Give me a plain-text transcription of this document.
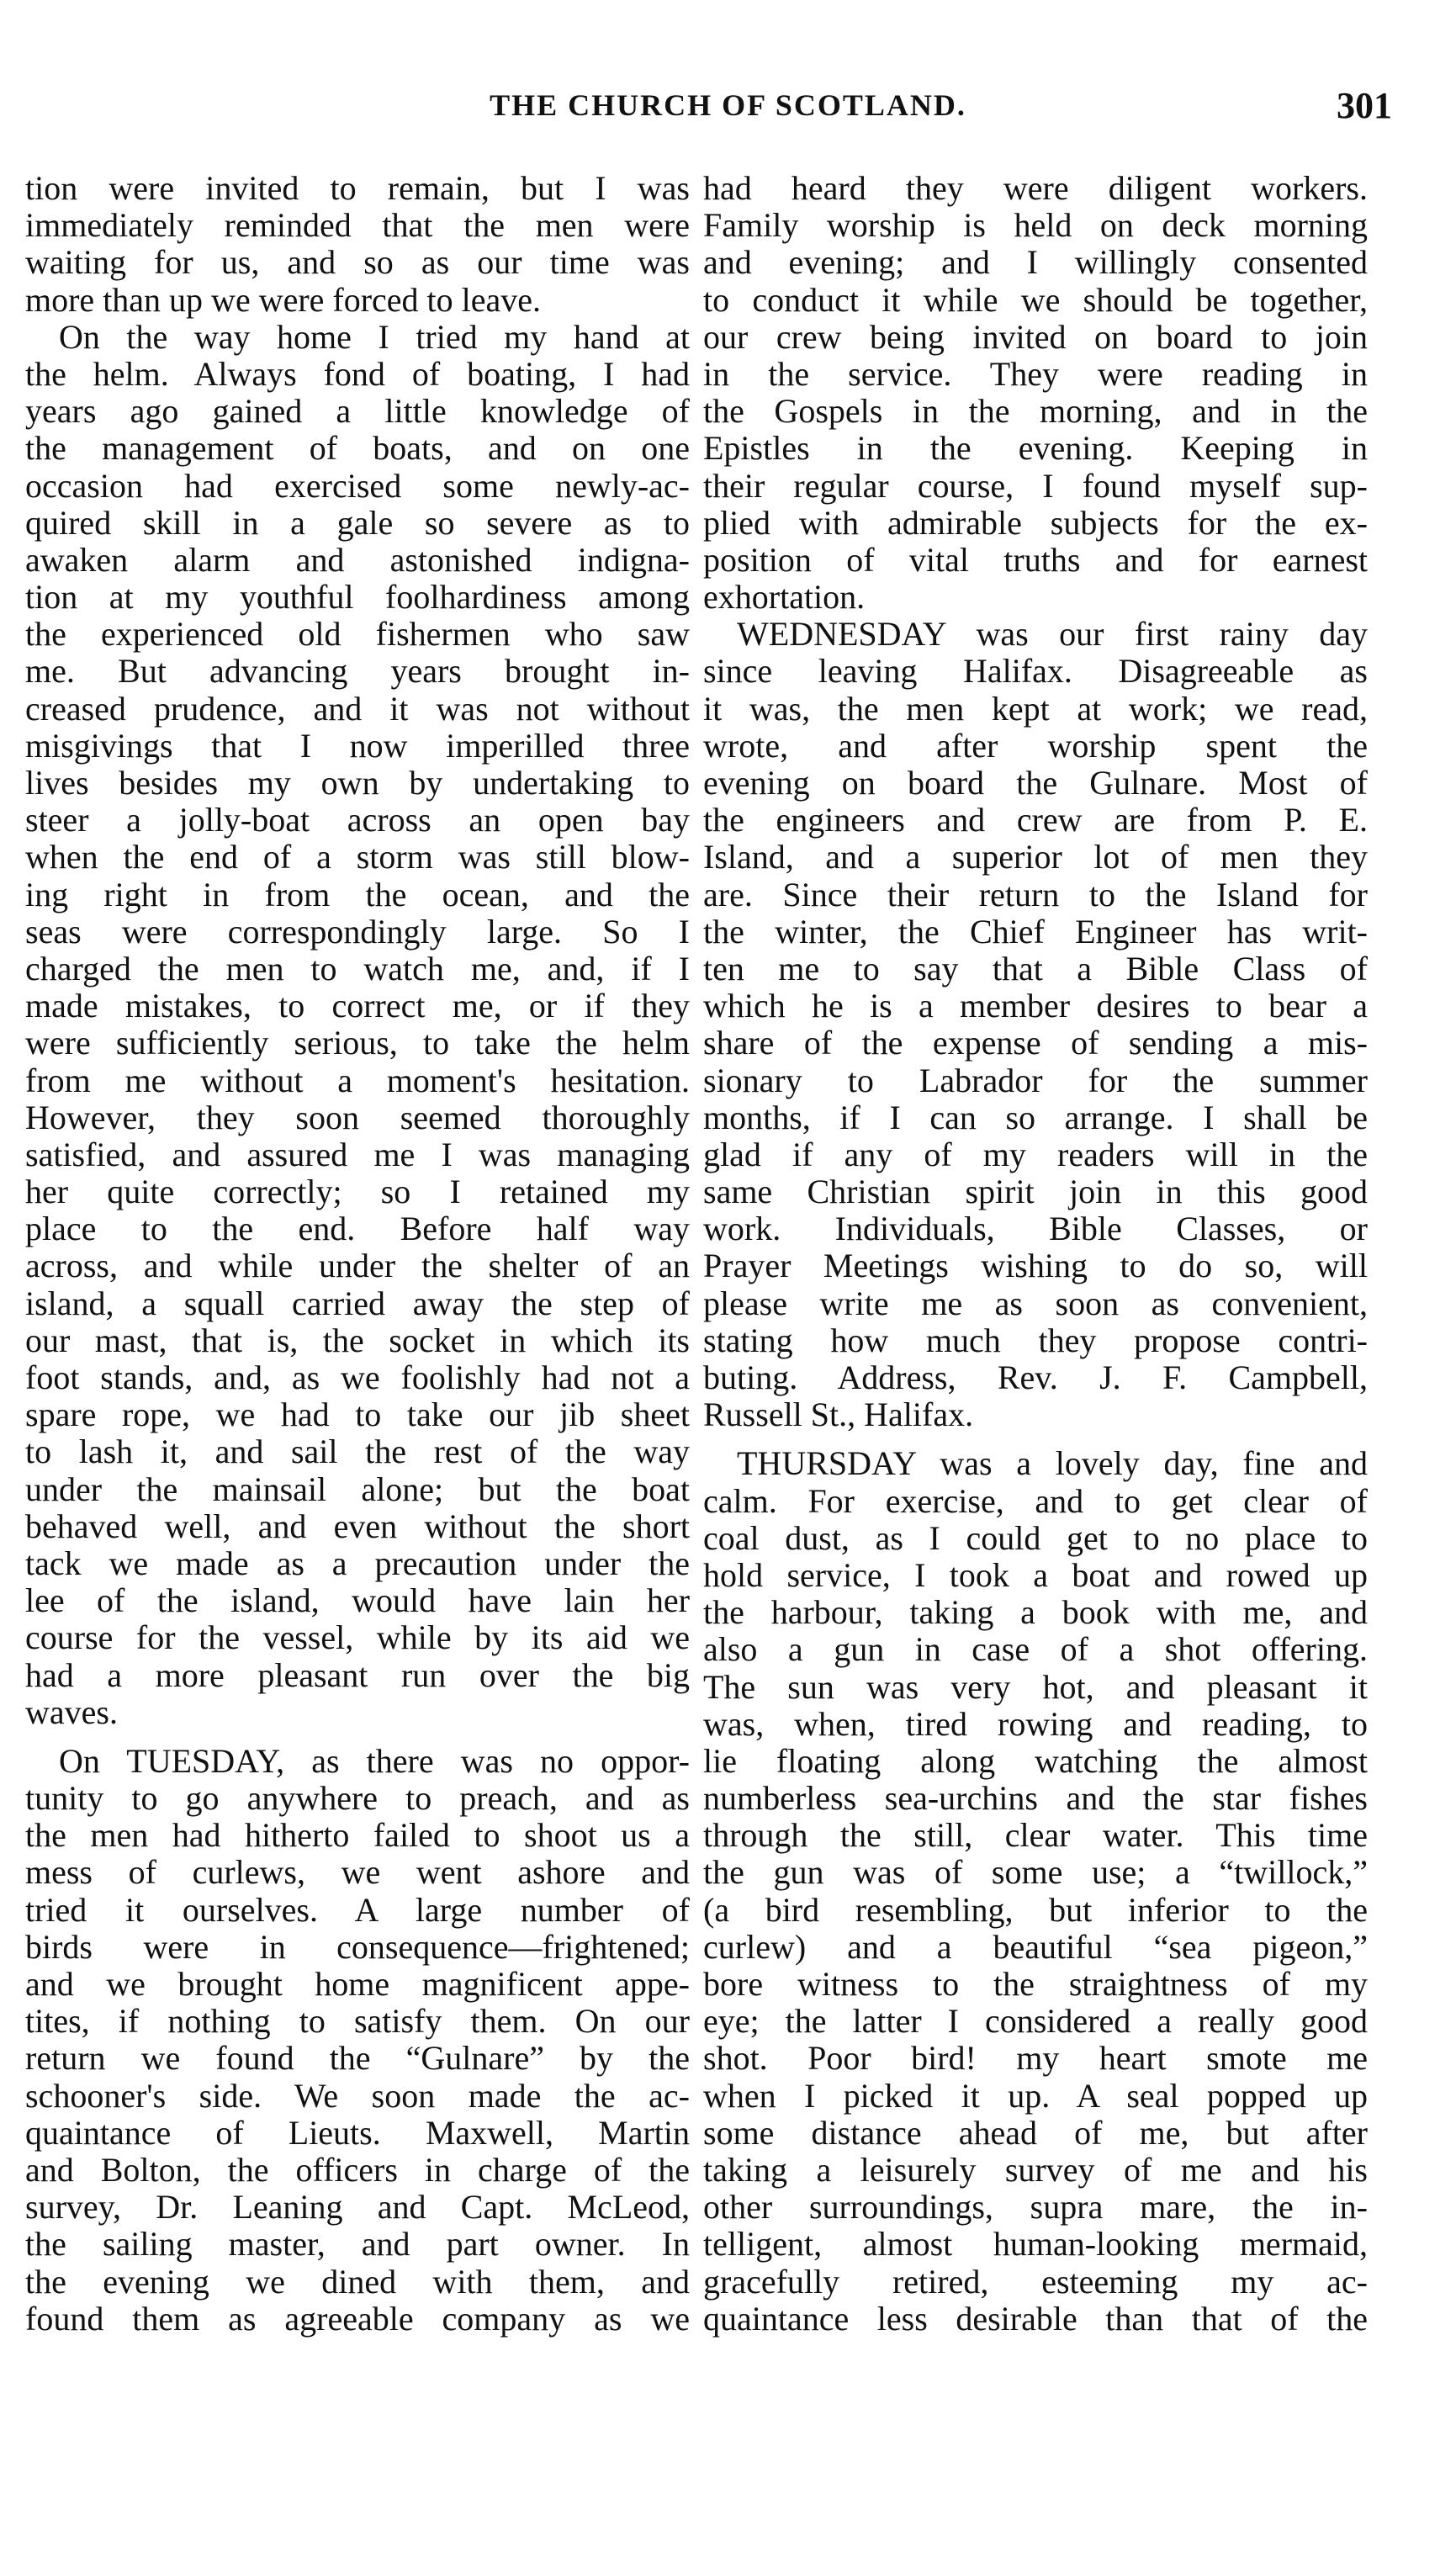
THE CHURCH OF SCOTLAND.	301
tion were invited to remain, but I was
immediately reminded that the men were
waiting for us, and so as our time was
more than up we were forced to leave.
On the way home I tried my hand at
the helm. Always fond of boating, I had
years ago gained a little knowledge of
the management of boats, and on one
occasion had exercised some newly-ac-
quired skill in a gale so severe as to
awaken alarm and astonished indigna-
tion at my youthful foolhardiness among
the experienced old fishermen who saw
me. But advancing years brought in-
creased prudence, and it was not without
misgivings that I now imperilled three
lives besides my own by undertaking to
steer a jolly-boat across an open bay
when the end of a storm was still blow-
ing right in from the ocean, and the
seas were correspondingly large. So I
charged the men to watch me, and, if I
made mistakes, to correct me, or if they
were sufficiently serious, to take the helm
from me without a moment's hesitation.
However, they soon seemed thoroughly
satisfied, and assured me I was managing
her quite correctly; so I retained my
place to the end. Before half way
across, and while under the shelter of an
island, a squall carried away the step of
our mast, that is, the socket in which its
foot stands, and, as we foolishly had not a
spare rope, we had to take our jib sheet
to lash it, and sail the rest of the way
under the mainsail alone; but the boat
behaved well, and even without the short
tack we made as a precaution under the
lee of the island, would have lain her
course for the vessel, while by its aid we
had a more pleasant run over the big
waves.
On TUESDAY, as there was no oppor-
tunity to go anywhere to preach, and as
the men had hitherto failed to shoot us a
mess of curlews, we went ashore and
tried it ourselves. A large number of
birds were in consequence—frightened;
and we brought home magnificent appe-
tites, if nothing to satisfy them. On our
return we found the “Gulnare” by the
schooner's side. We soon made the ac-
quaintance of Lieuts. Maxwell, Martin
and Bolton, the officers in charge of the
survey, Dr. Leaning and Capt. McLeod,
the sailing master, and part owner. In
the evening we dined with them, and
found them as agreeable company as we
had heard they were diligent workers.
Family worship is held on deck morning
and evening; and I willingly consented
to conduct it while we should be together,
our crew being invited on board to join
in the service. They were reading in
the Gospels in the morning, and in the
Epistles in the evening. Keeping in
their regular course, I found myself sup-
plied with admirable subjects for the ex-
position of vital truths and for earnest
exhortation.
WEDNESDAY was our first rainy day
since leaving Halifax. Disagreeable as
it was, the men kept at work; we read,
wrote, and after worship spent the
evening on board the Gulnare. Most of
the engineers and crew are from P. E.
Island, and a superior lot of men they
are. Since their return to the Island for
the winter, the Chief Engineer has writ-
ten me to say that a Bible Class of
which he is a member desires to bear a
share of the expense of sending a mis-
sionary to Labrador for the summer
months, if I can so arrange. I shall be
glad if any of my readers will in the
same Christian spirit join in this good
work. Individuals, Bible Classes, or
Prayer Meetings wishing to do so, will
please write me as soon as convenient,
stating how much they propose contri-
buting. Address, Rev. J. F. Campbell,
Russell St., Halifax.
THURSDAY was a lovely day, fine and
calm. For exercise, and to get clear of
coal dust, as I could get to no place to
hold service, I took a boat and rowed up
the harbour, taking a book with me, and
also a gun in case of a shot offering.
The sun was very hot, and pleasant it
was, when, tired rowing and reading, to
lie floating along watching the almost
numberless sea-urchins and the star fishes
through the still, clear water. This time
the gun was of some use; a “twillock,”
(a bird resembling, but inferior to the
curlew) and a beautiful “sea pigeon,”
bore witness to the straightness of my
eye; the latter I considered a really good
shot. Poor bird! my heart smote me
when I picked it up. A seal popped up
some distance ahead of me, but after
taking a leisurely survey of me and his
other surroundings, supra mare, the in-
telligent, almost human-looking mermaid,
gracefully retired, esteeming my ac-
quaintance less desirable than that of the
